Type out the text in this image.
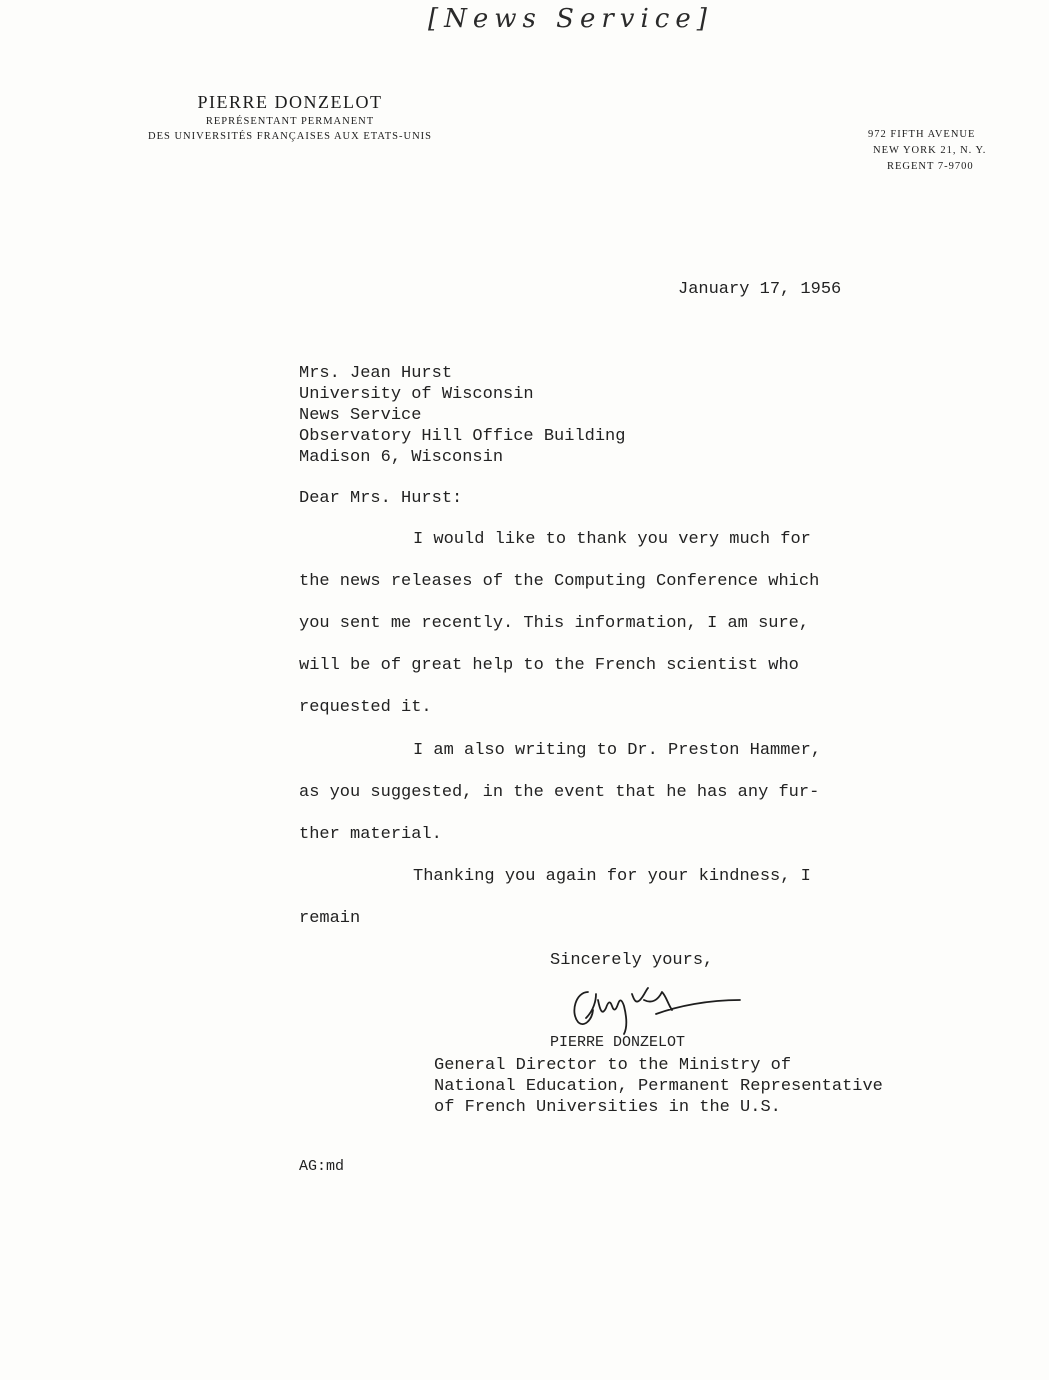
[News Service]
PIERRE DONZELOT
REPRÉSENTANT PERMANENT
DES UNIVERSITÉS FRANÇAISES AUX ETATS-UNIS	972 FIFTH AVENUE
NEW YORK 21, N. Y.
REGENT 7-9700
January 17, 1956
Mrs. Jean Hurst
University of Wisconsin
News Service
Observatory Hill Office Building
Madison 6, Wisconsin
Dear Mrs. Hurst:
I would like to thank you very much for
the news releases of the Computing Conference which
you sent me recently. This information, I am sure,
will be of great help to the French scientist who
requested it.
I am also writing to Dr. Preston Hammer,
as you suggested, in the event that he has any fur-
ther material.
Thanking you again for your kindness, I
remain
Sincerely yours,
PIERRE DONZELOT
General Director to the Ministry of
National Education, Permanent Representative
of French Universities in the U.S.
AG:md
